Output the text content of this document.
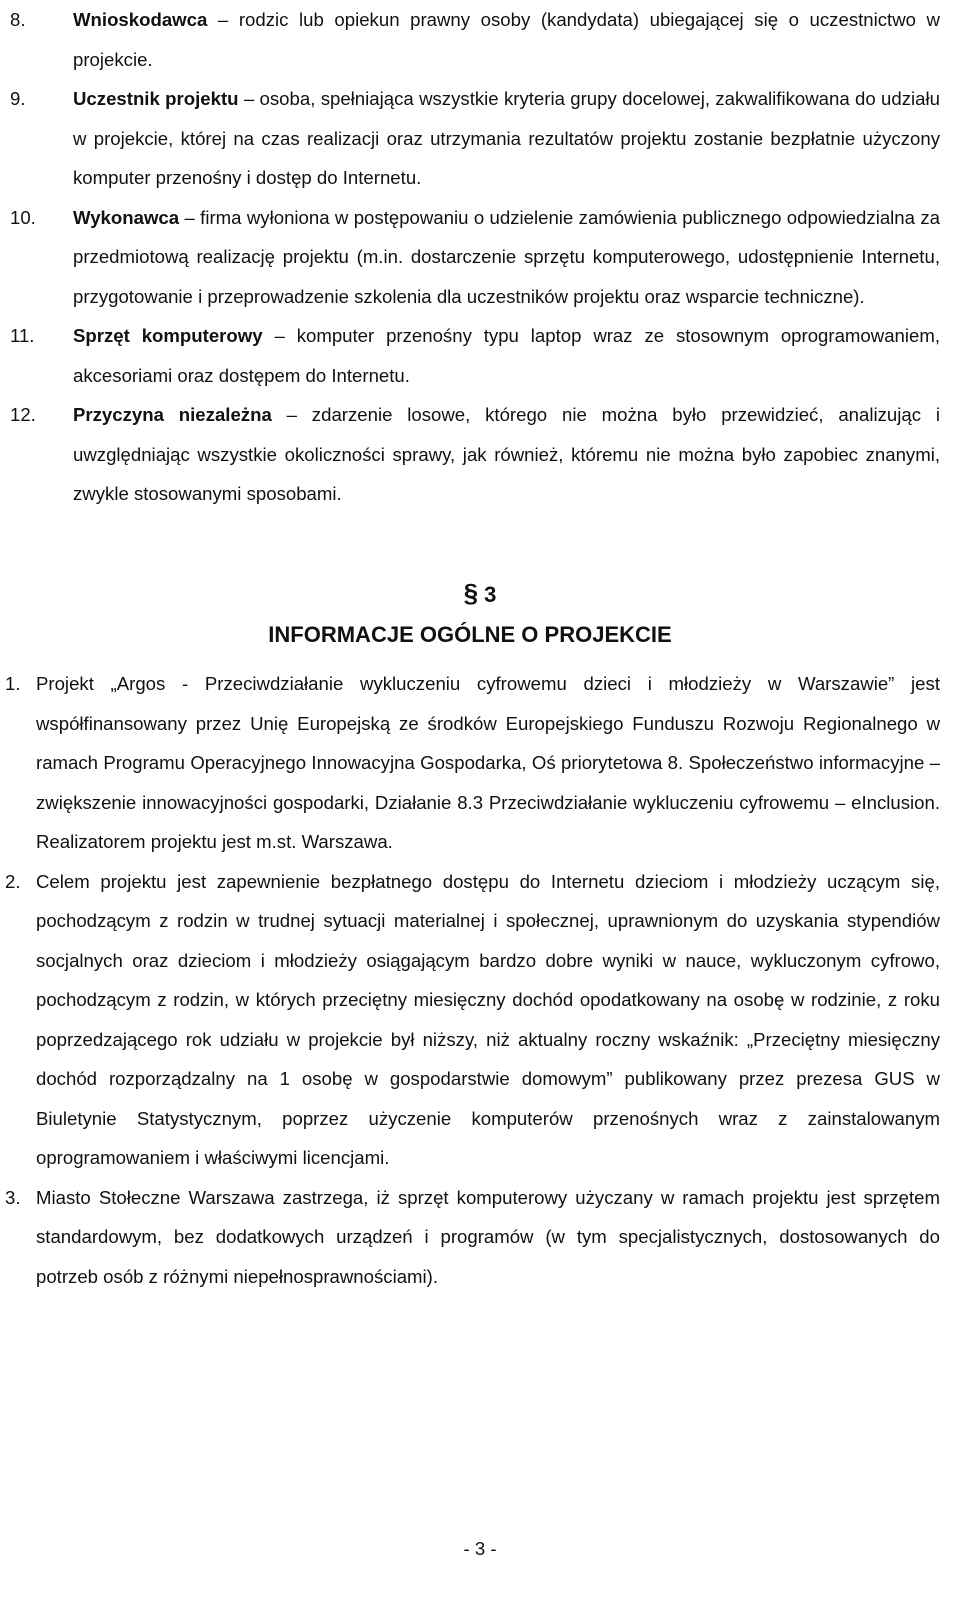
8.	Wnioskodawca – rodzic lub opiekun prawny osoby (kandydata) ubiegającej się o uczestnictwo w projekcie.

9.	Uczestnik projektu – osoba, spełniająca wszystkie kryteria grupy docelowej, zakwalifikowana do udziału w projekcie, której na czas realizacji oraz utrzymania rezultatów projektu zostanie bezpłatnie użyczony komputer przenośny i dostęp do Internetu.

10. Wykonawca – firma wyłoniona w postępowaniu o udzielenie zamówienia publicznego odpowiedzialna za przedmiotową realizację projektu (m.in. dostarczenie sprzętu komputerowego, udostępnienie Internetu, przygotowanie i przeprowadzenie szkolenia dla uczestników projektu oraz wsparcie techniczne).

11. Sprzęt komputerowy – komputer przenośny typu laptop wraz ze stosownym oprogramowaniem, akcesoriami oraz dostępem do Internetu.

12. Przyczyna niezależna – zdarzenie losowe, którego nie można było przewidzieć, analizując i uwzględniając wszystkie okoliczności sprawy, jak również, któremu nie można było zapobiec znanymi, zwykle stosowanymi sposobami.

§ 3
INFORMACJE OGÓLNE O PROJEKCIE

1. Projekt „Argos - Przeciwdziałanie wykluczeniu cyfrowemu dzieci i młodzieży w Warszawie” jest współfinansowany przez Unię Europejską ze środków Europejskiego Funduszu Rozwoju Regionalnego w ramach Programu Operacyjnego Innowacyjna Gospodarka, Oś priorytetowa 8. Społeczeństwo informacyjne – zwiększenie innowacyjności gospodarki, Działanie 8.3 Przeciwdziałanie wykluczeniu cyfrowemu – eInclusion. Realizatorem projektu jest m.st. Warszawa.

2. Celem projektu jest zapewnienie bezpłatnego dostępu do Internetu dzieciom i młodzieży uczącym się, pochodzącym z rodzin w trudnej sytuacji materialnej i społecznej, uprawnionym do uzyskania stypendiów socjalnych oraz dzieciom i młodzieży osiągającym bardzo dobre wyniki w nauce, wykluczonym cyfrowo, pochodzącym z rodzin, w których przeciętny miesięczny dochód opodatkowany na osobę w rodzinie, z roku poprzedzającego rok udziału w projekcie był niższy, niż aktualny roczny wskaźnik: „Przeciętny miesięczny dochód rozporządzalny na 1 osobę w gospodarstwie domowym” publikowany przez prezesa GUS w Biuletynie Statystycznym, poprzez użyczenie komputerów przenośnych wraz z zainstalowanym oprogramowaniem i właściwymi licencjami.

3. Miasto Stołeczne Warszawa zastrzega, iż sprzęt komputerowy użyczany w ramach projektu jest sprzętem standardowym, bez dodatkowych urządzeń i programów (w tym specjalistycznych, dostosowanych do potrzeb osób z różnymi niepełnosprawnościami).

- 3 -
